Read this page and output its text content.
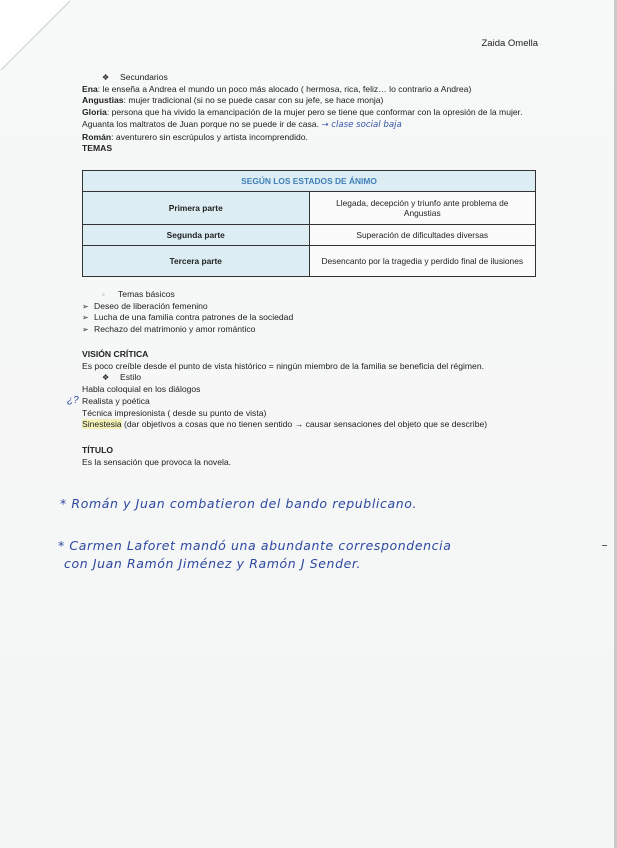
Zaida Omella
❖ Secundarios
Ena: le enseña a Andrea el mundo un poco más alocado ( hermosa, rica, feliz… lo contrario a Andrea)
Angustias: mujer tradicional (si no se puede casar con su jefe, se hace monja)
Gloria: persona que ha vivido la emancipación de la mujer pero se tiene que conformar con la opresión de la mujer. Aguanta los maltratos de Juan porque no se puede ir de casa. → clase social baja
Román: aventurero sin escrúpulos y artista incomprendido.
TEMAS
SEGÚN LOS ESTADOS DE ÁNIMO	
Primera parte	Llegada, decepción y triunfo ante problema de Angustias
Segunda parte	Superación de dificultades diversas
Tercera parte	Desencanto por la tragedia y perdido final de ilusiones
◦ Temas básicos
➢ Deseo de liberación femenino
➢ Lucha de una familia contra patrones de la sociedad
➢ Rechazo del matrimonio y amor romántico
VISIÓN CRÍTICA
Es poco creíble desde el punto de vista histórico = ningún miembro de la familia se beneficia del régimen.
❖ Estilo
Habla coloquial en los diálogos
Realista y poética
Técnica impresionista ( desde su punto de vista)
Sinestesia (dar objetivos a cosas que no tienen sentido → causar sensaciones del objeto que se describe)
¿?
TÍTULO
Es la sensación que provoca la novela.
* Román y Juan combatieron del bando republicano.
* Carmen Laforet mandó una abundante correspondencia
con Juan Ramón Jiménez y Ramón J Sender.
